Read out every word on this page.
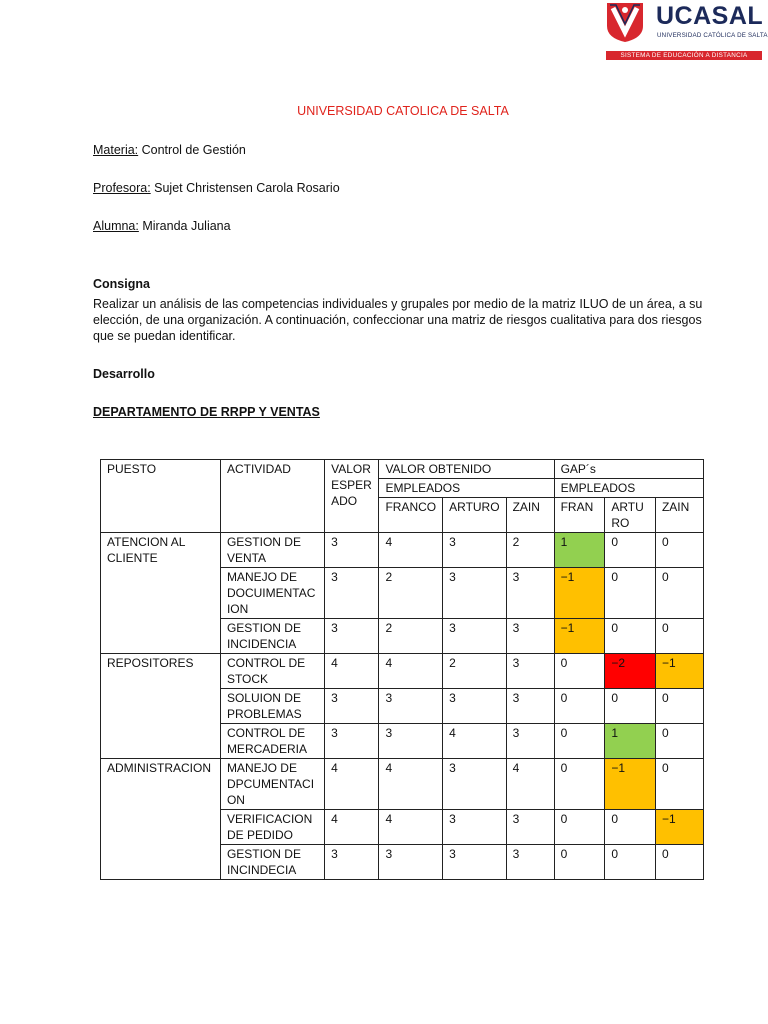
UCASAL
UNIVERSIDAD CATÓLICA DE SALTA
SISTEMA DE EDUCACIÓN A DISTANCIA
UNIVERSIDAD CATOLICA DE SALTA
Materia: Control de Gestión
Profesora: Sujet Christensen Carola Rosario
Alumna: Miranda Juliana
Consigna
Realizar un análisis de las competencias individuales y grupales por medio de la matriz ILUO de un área, a su elección, de una organización. A continuación, confeccionar una matriz de riesgos cualitativa para dos riesgos que se puedan identificar.
Desarrollo
DEPARTAMENTO DE RRPP Y VENTAS
PUESTO	ACTIVIDAD	VALOR ESPER ADO	VALOR OBTENIDO			GAP´s		
			EMPLEADOS			EMPLEADOS		
			FRANCO	ARTURO	ZAIN	FRAN	ARTU RO	ZAIN
ATENCION AL CLIENTE	GESTION DE VENTA	3	4	3	2	1	0	0
	MANEJO DE DOCUIMENTAC ION	3	2	3	3	−1	0	0
	GESTION DE INCIDENCIA	3	2	3	3	−1	0	0
REPOSITORES	CONTROL DE STOCK	4	4	2	3	0	−2	−1
	SOLUION DE PROBLEMAS	3	3	3	3	0	0	0
	CONTROL DE MERCADERIA	3	3	4	3	0	1	0
ADMINISTRACION	MANEJO DE DPCUMENTACI ON	4	4	3	4	0	−1	0
	VERIFICACION DE PEDIDO	4	4	3	3	0	0	−1
	GESTION DE INCINDECIA	3	3	3	3	0	0	0
